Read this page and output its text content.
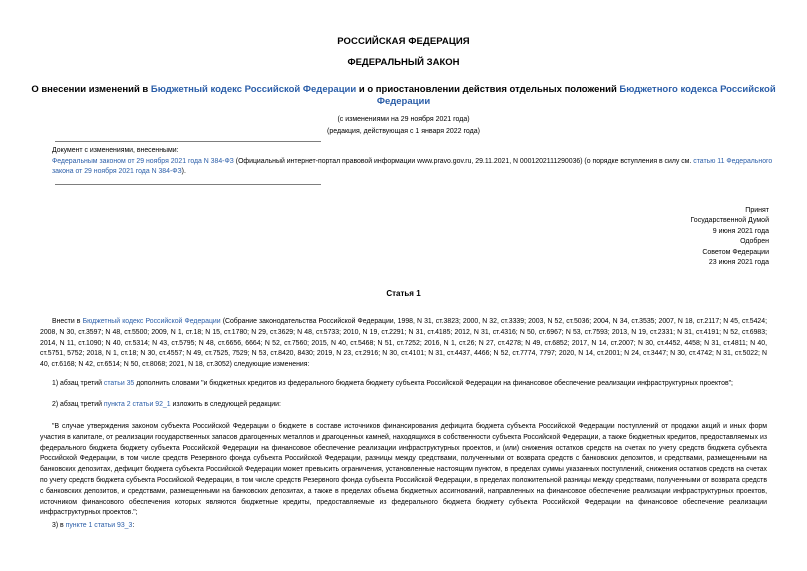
РОССИЙСКАЯ ФЕДЕРАЦИЯ
ФЕДЕРАЛЬНЫЙ ЗАКОН
О внесении изменений в Бюджетный кодекс Российской Федерации и о приостановлении действия отдельных положений Бюджетного кодекса Российской Федерации
(с изменениями на 29 ноября 2021 года)
(редакция, действующая с 1 января 2022 года)
Документ с изменениями, внесенными:
Федеральным законом от 29 ноября 2021 года N 384-ФЗ (Официальный интернет-портал правовой информации www.pravo.gov.ru, 29.11.2021, N 0001202111290036) (о порядке вступления в силу см. статью 11 Федерального закона от 29 ноября 2021 года N 384-ФЗ).
Принят
Государственной Думой
9 июня 2021 года
Одобрен
Советом Федерации
23 июня 2021 года
Статья 1
Внести в Бюджетный кодекс Российской Федерации (Собрание законодательства Российской Федерации, 1998, N 31, ст.3823; 2000, N 32, ст.3339; 2003, N 52, ст.5036; 2004, N 34, ст.3535; 2007, N 18, ст.2117; N 45, ст.5424; 2008, N 30, ст.3597; N 48, ст.5500; 2009, N 1, ст.18; N 15, ст.1780; N 29, ст.3629; N 48, ст.5733; 2010, N 19, ст.2291; N 31, ст.4185; 2012, N 31, ст.4316; N 50, ст.6967; N 53, ст.7593; 2013, N 19, ст.2331; N 31, ст.4191; N 52, ст.6983; 2014, N 11, ст.1090; N 40, ст.5314; N 43, ст.5795; N 48, ст.6656, 6664; N 52, ст.7560; 2015, N 40, ст.5468; N 51, ст.7252; 2016, N 1, ст.26; N 27, ст.4278; N 49, ст.6852; 2017, N 14, ст.2007; N 30, ст.4452, 4458; N 31, ст.4811; N 40, ст.5751, 5752; 2018, N 1, ст.18; N 30, ст.4557; N 49, ст.7525, 7529; N 53, ст.8420, 8430; 2019, N 23, ст.2916; N 30, ст.4101; N 31, ст.4437, 4466; N 52, ст.7774, 7797; 2020, N 14, ст.2001; N 24, ст.3447; N 30, ст.4742; N 31, ст.5022; N 40, ст.6168; N 42, ст.6514; N 50, ст.8068; 2021, N 18, ст.3052) следующие изменения:
1) абзац третий статьи 35 дополнить словами "и бюджетных кредитов из федерального бюджета бюджету субъекта Российской Федерации на финансовое обеспечение реализации инфраструктурных проектов";
2) абзац третий пункта 2 статьи 92_1 изложить в следующей редакции:
"В случае утверждения законом субъекта Российской Федерации о бюджете в составе источников финансирования дефицита бюджета субъекта Российской Федерации поступлений от продажи акций и иных форм участия в капитале, от реализации государственных запасов драгоценных металлов и драгоценных камней, находящихся в собственности субъекта Российской Федерации, а также бюджетных кредитов, предоставляемых из федерального бюджета бюджету субъекта Российской Федерации на финансовое обеспечение реализации инфраструктурных проектов, и (или) снижения остатков средств на счетах по учету средств бюджета субъекта Российской Федерации, в том числе средств Резервного фонда субъекта Российской Федерации, разницы между средствами, полученными от возврата средств с банковских депозитов, и средствами, размещенными на банковских депозитах, дефицит бюджета субъекта Российской Федерации может превысить ограничения, установленные настоящим пунктом, в пределах суммы указанных поступлений, снижения остатков средств на счетах по учету средств бюджета субъекта Российской Федерации, в том числе средств Резервного фонда субъекта Российской Федерации, в пределах положительной разницы между средствами, полученными от возврата средств с банковских депозитов, и средствами, размещенными на банковских депозитах, а также в пределах объема бюджетных ассигнований, направленных на финансовое обеспечение реализации инфраструктурных проектов, источником финансового обеспечения которых являются бюджетные кредиты, предоставляемые из федерального бюджета бюджету субъекта Российской Федерации на финансовое обеспечение реализации инфраструктурных проектов.";
3) в пункте 1 статьи 93_3:
